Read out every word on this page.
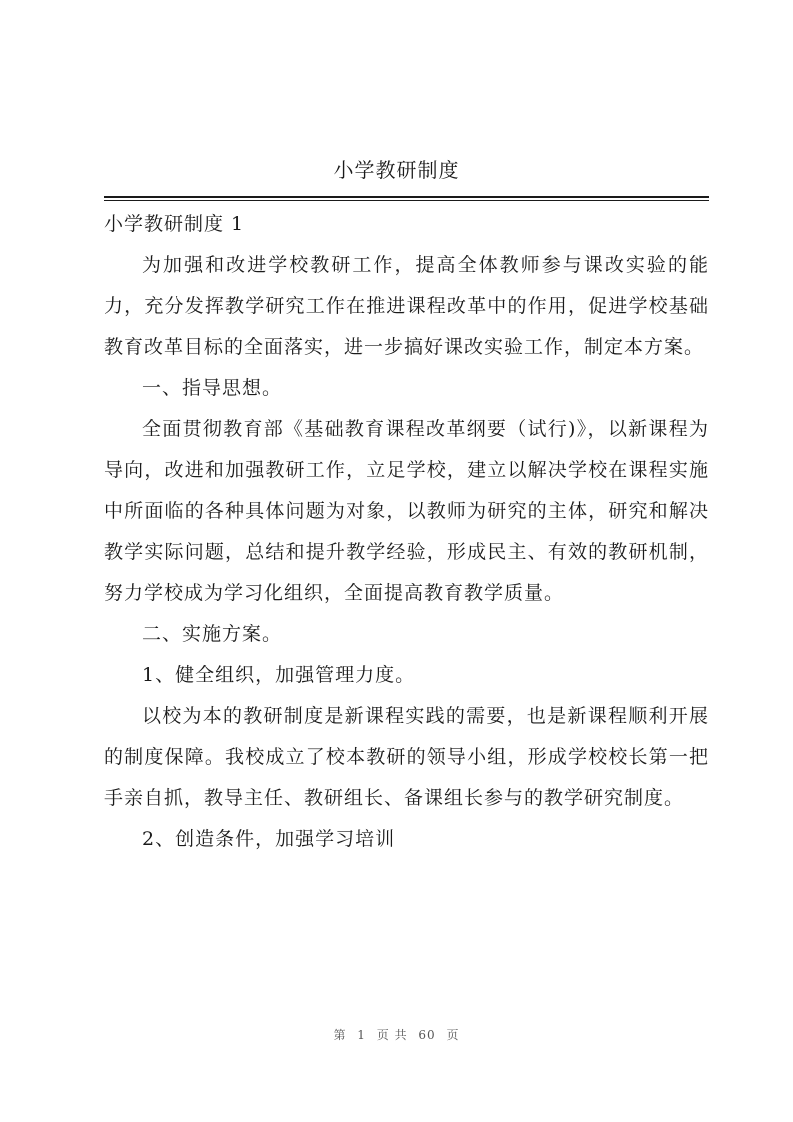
小学教研制度

小学教研制度 1

为加强和改进学校教研工作，提高全体教师参与课改实验的能力，充分发挥教学研究工作在推进课程改革中的作用，促进学校基础教育改革目标的全面落实，进一步搞好课改实验工作，制定本方案。

一、指导思想。

全面贯彻教育部《基础教育课程改革纲要（试行)》，以新课程为导向，改进和加强教研工作，立足学校，建立以解决学校在课程实施中所面临的各种具体问题为对象，以教师为研究的主体，研究和解决教学实际问题，总结和提升教学经验，形成民主、有效的教研机制，努力学校成为学习化组织，全面提高教育教学质量。

二、实施方案。

1、健全组织，加强管理力度。

以校为本的教研制度是新课程实践的需要，也是新课程顺利开展的制度保障。我校成立了校本教研的领导小组，形成学校校长第一把手亲自抓，教导主任、教研组长、备课组长参与的教学研究制度。

2、创造条件，加强学习培训

第 1 页 共 60 页
